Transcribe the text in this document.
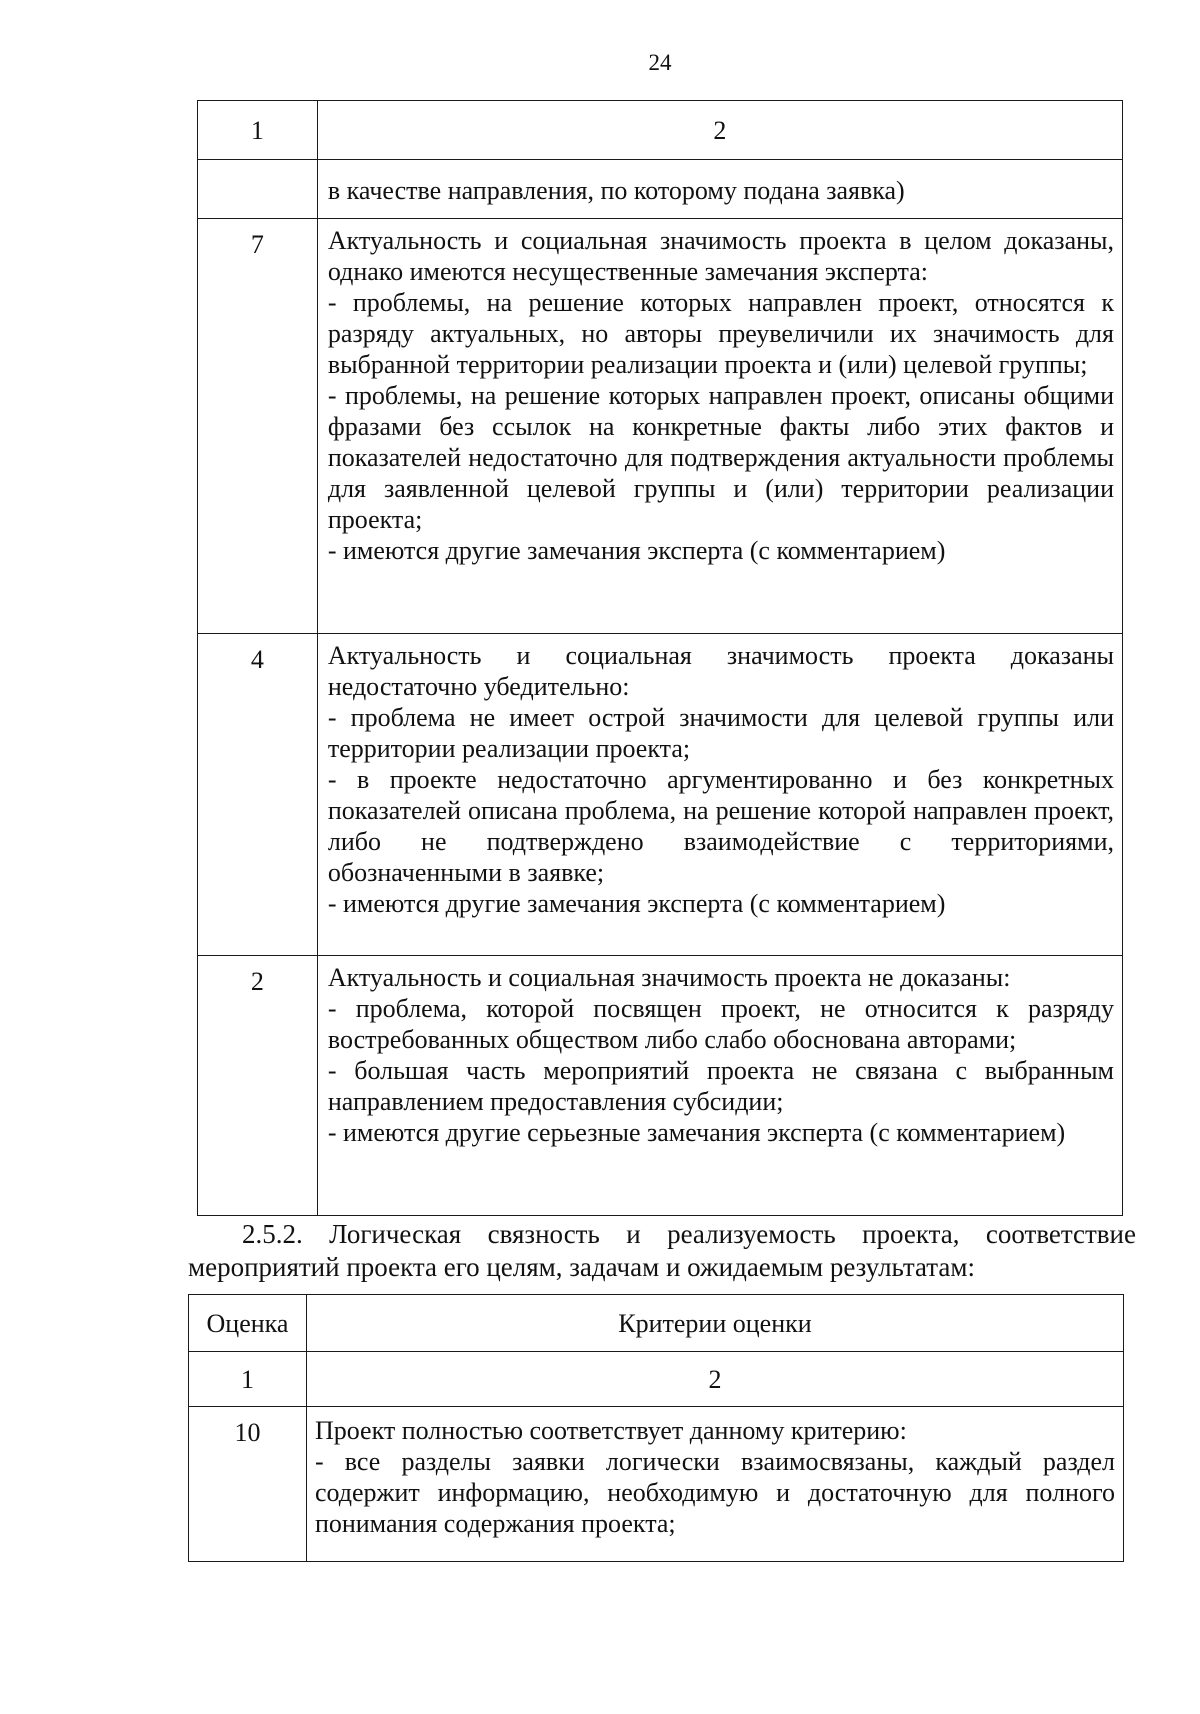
24
1	2
	в качестве направления, по которому подана заявка)
7	Актуальность и социальная значимость проекта в целом доказаны, однако имеются несущественные замечания эксперта:
- проблемы, на решение которых направлен проект, относятся к разряду актуальных, но авторы преувеличили их значимость для выбранной территории реализации проекта и (или) целевой группы;
- проблемы, на решение которых направлен проект, описаны общими фразами без ссылок на конкретные факты либо этих фактов и показателей недостаточно для подтверждения актуальности проблемы для заявленной целевой группы и (или) территории реализации проекта;
- имеются другие замечания эксперта (с комментарием)

4	Актуальность и социальная значимость проекта доказаны недостаточно убедительно:
- проблема не имеет острой значимости для целевой группы или территории реализации проекта;
- в проекте недостаточно аргументированно и без конкретных показателей описана проблема, на решение которой направлен проект, либо не подтверждено взаимодействие с территориями, обозначенными в заявке;
- имеются другие замечания эксперта (с комментарием)

2	Актуальность и социальная значимость проекта не доказаны:
- проблема, которой посвящен проект, не относится к разряду востребованных обществом либо слабо обоснована авторами;
- большая часть мероприятий проекта не связана с выбранным направлением предоставления субсидии;
- имеются другие серьезные замечания эксперта (с комментарием)

2.5.2. Логическая связность и реализуемость проекта, соответствие мероприятий проекта его целям, задачам и ожидаемым результатам:

Оценка	Критерии оценки
1	2
10	Проект полностью соответствует данному критерию:
- все разделы заявки логически взаимосвязаны, каждый раздел содержит информацию, необходимую и достаточную для полного понимания содержания проекта;
